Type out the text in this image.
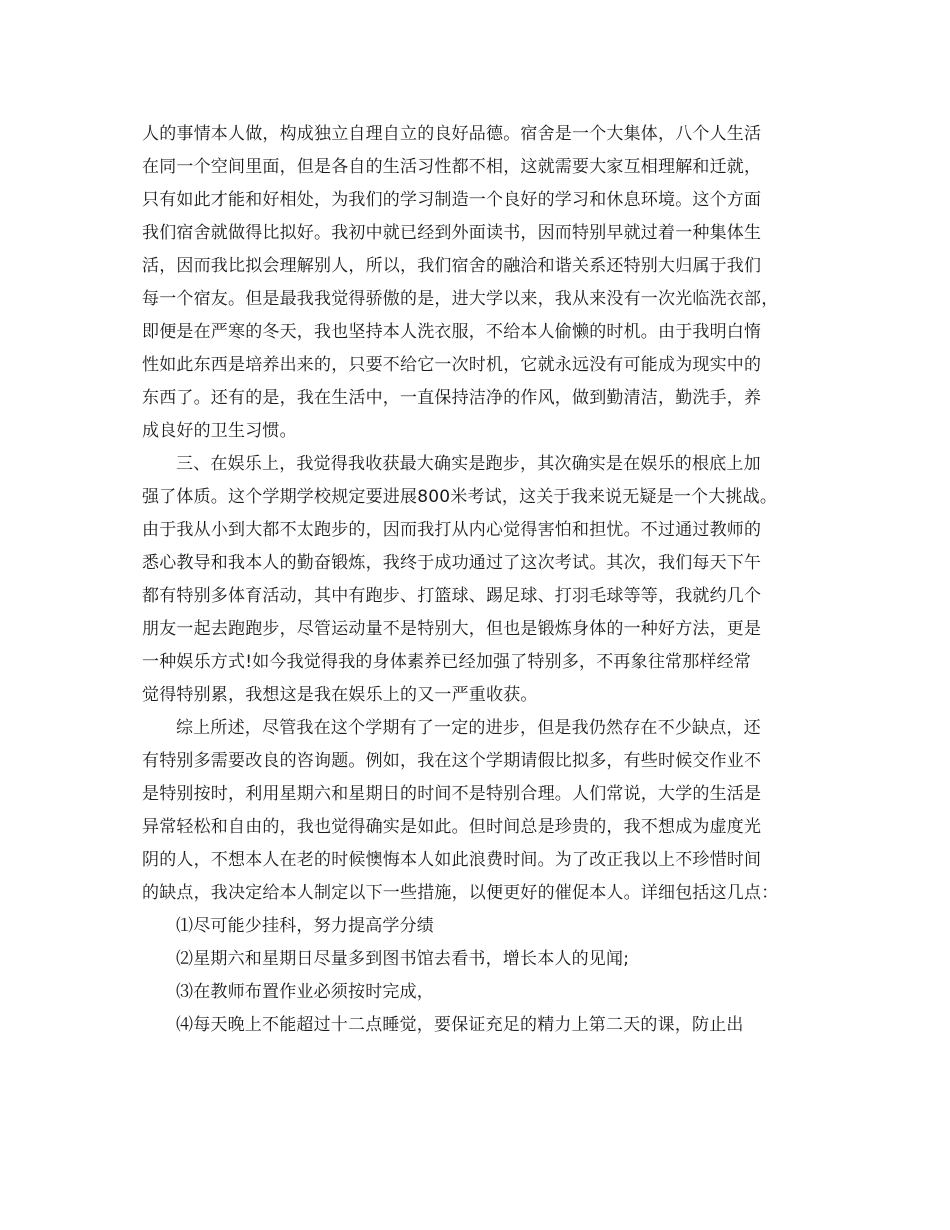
人的事情本人做，构成独立自理自立的良好品德。宿舍是一个大集体，八个人生活
在同一个空间里面，但是各自的生活习性都不相，这就需要大家互相理解和迁就，
只有如此才能和好相处，为我们的学习制造一个良好的学习和休息环境。这个方面
我们宿舍就做得比拟好。我初中就已经到外面读书，因而特别早就过着一种集体生
活，因而我比拟会理解别人，所以，我们宿舍的融洽和谐关系还特别大归属于我们
每一个宿友。但是最我我觉得骄傲的是，进大学以来，我从来没有一次光临洗衣部，
即便是在严寒的冬天，我也坚持本人洗衣服，不给本人偷懒的时机。由于我明白惰
性如此东西是培养出来的，只要不给它一次时机，它就永远没有可能成为现实中的
东西了。还有的是，我在生活中，一直保持洁净的作风，做到勤清洁，勤洗手，养
成良好的卫生习惯。
三、在娱乐上，我觉得我收获最大确实是跑步，其次确实是在娱乐的根底上加
强了体质。这个学期学校规定要进展800米考试，这关于我来说无疑是一个大挑战。
由于我从小到大都不太跑步的，因而我打从内心觉得害怕和担忧。不过通过教师的
悉心教导和我本人的勤奋锻炼，我终于成功通过了这次考试。其次，我们每天下午
都有特别多体育活动，其中有跑步、打篮球、踢足球、打羽毛球等等，我就约几个
朋友一起去跑跑步，尽管运动量不是特别大，但也是锻炼身体的一种好方法，更是
一种娱乐方式!如今我觉得我的身体素养已经加强了特别多，不再象往常那样经常
觉得特别累，我想这是我在娱乐上的又一严重收获。
综上所述，尽管我在这个学期有了一定的进步，但是我仍然存在不少缺点，还
有特别多需要改良的咨询题。例如，我在这个学期请假比拟多，有些时候交作业不
是特别按时，利用星期六和星期日的时间不是特别合理。人们常说，大学的生活是
异常轻松和自由的，我也觉得确实是如此。但时间总是珍贵的，我不想成为虚度光
阴的人，不想本人在老的时候懊悔本人如此浪费时间。为了改正我以上不珍惜时间
的缺点，我决定给本人制定以下一些措施，以便更好的催促本人。详细包括这几点：
⑴尽可能少挂科，努力提高学分绩
⑵星期六和星期日尽量多到图书馆去看书，增长本人的见闻;
⑶在教师布置作业必须按时完成，
⑷每天晚上不能超过十二点睡觉，要保证充足的精力上第二天的课，防止出
